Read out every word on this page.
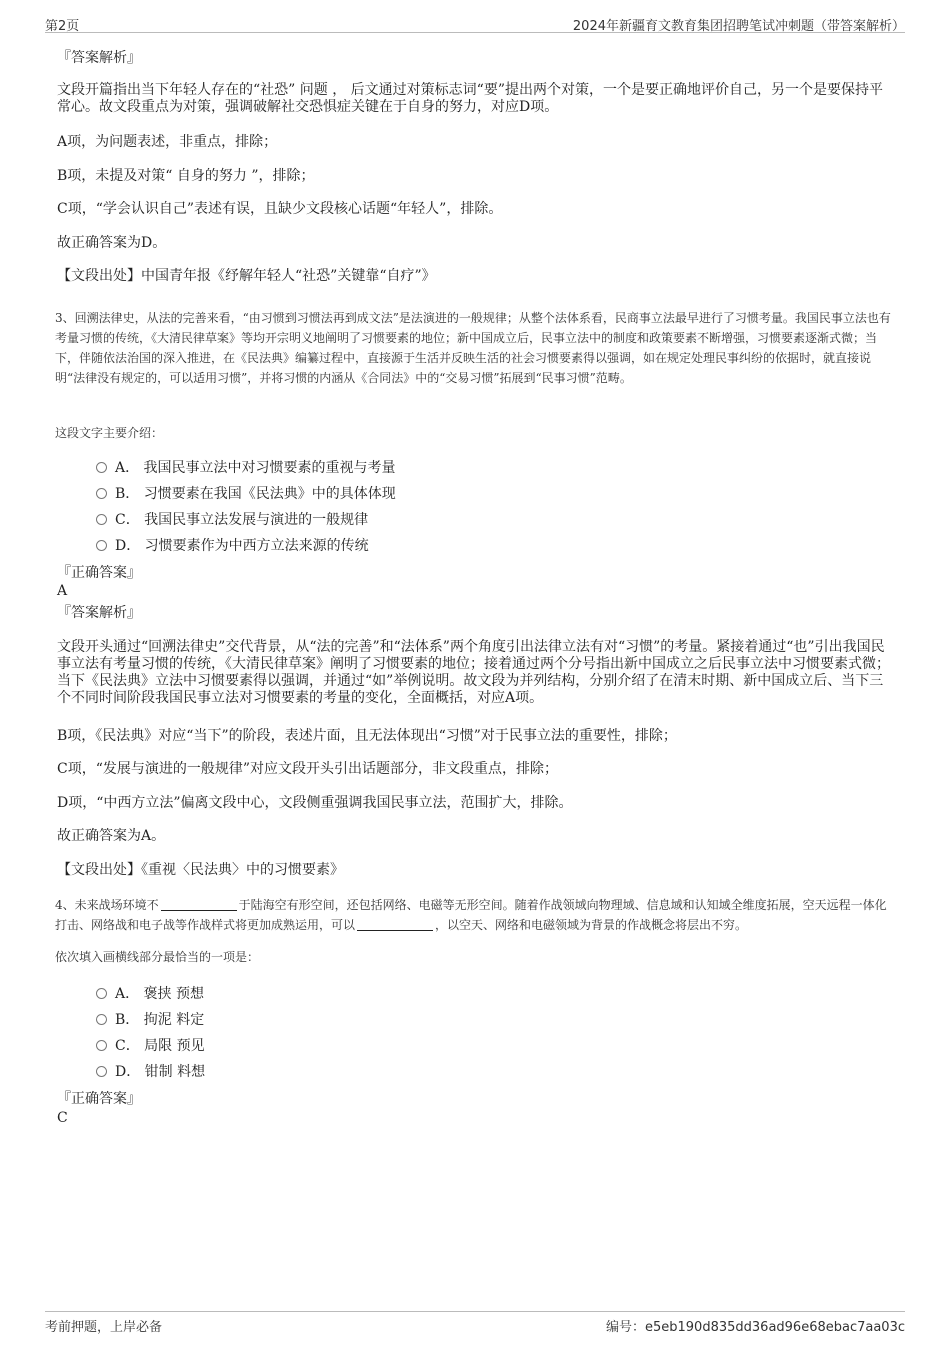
第2页	2024年新疆育文教育集团招聘笔试冲刺题（带答案解析）
『答案解析』
文段开篇指出当下年轻人存在的“社恐” 问题 ， 后文通过对策标志词“要”提出两个对策，一个是要正确地评价自己，另一个是要保持平常心。故文段重点为对策，强调破解社交恐惧症关键在于自身的努力，对应D项。
A项，为问题表述，非重点，排除；
B项，未提及对策“ 自身的努力 ”，排除；
C项，“学会认识自己”表述有误，且缺少文段核心话题“年轻人”，排除。
故正确答案为D。
【文段出处】中国青年报《纾解年轻人“社恐”关键靠“自疗”》
3、回溯法律史，从法的完善来看，“由习惯到习惯法再到成文法”是法演进的一般规律；从整个法体系看，民商事立法最早进行了习惯考量。我国民事立法也有考量习惯的传统，《大清民律草案》等均开宗明义地阐明了习惯要素的地位；新中国成立后，民事立法中的制度和政策要素不断增强，习惯要素逐渐式微；当下，伴随依法治国的深入推进，在《民法典》编纂过程中，直接源于生活并反映生活的社会习惯要素得以强调，如在规定处理民事纠纷的依据时，就直接说明“法律没有规定的，可以适用习惯”，并将习惯的内涵从《合同法》中的“交易习惯”拓展到“民事习惯”范畴。
这段文字主要介绍：
A． 我国民事立法中对习惯要素的重视与考量
B． 习惯要素在我国《民法典》中的具体体现
C． 我国民事立法发展与演进的一般规律
D． 习惯要素作为中西方立法来源的传统
『正确答案』
A
『答案解析』
文段开头通过“回溯法律史”交代背景，从“法的完善”和“法体系”两个角度引出法律立法有对“习惯”的考量。紧接着通过“也”引出我国民事立法有考量习惯的传统，《大清民律草案》阐明了习惯要素的地位；接着通过两个分号指出新中国成立之后民事立法中习惯要素式微；当下《民法典》立法中习惯要素得以强调，并通过“如”举例说明。故文段为并列结构，分别介绍了在清末时期、新中国成立后、当下三个不同时间阶段我国民事立法对习惯要素的考量的变化，全面概括，对应A项。
B项，《民法典》对应“当下”的阶段，表述片面，且无法体现出“习惯”对于民事立法的重要性，排除；
C项，“发展与演进的一般规律”对应文段开头引出话题部分，非文段重点，排除；
D项，“中西方立法”偏离文段中心，文段侧重强调我国民事立法，范围扩大，排除。
故正确答案为A。
【文段出处】《重视〈民法典〉中的习惯要素》
4、未来战场环境不	于陆海空有形空间，还包括网络、电磁等无形空间。随着作战领域向物理域、信息域和认知域全维度拓展，空天远程一体化打击、网络战和电子战等作战样式将更加成熟运用，可以	，以空天、网络和电磁领域为背景的作战概念将层出不穷。
依次填入画横线部分最恰当的一项是：
A． 褒挟 预想
B． 拘泥 料定
C． 局限 预见
D． 钳制 料想
『正确答案』
C
考前押题，上岸必备	编号：e5eb190d835dd36ad96e68ebac7aa03c
